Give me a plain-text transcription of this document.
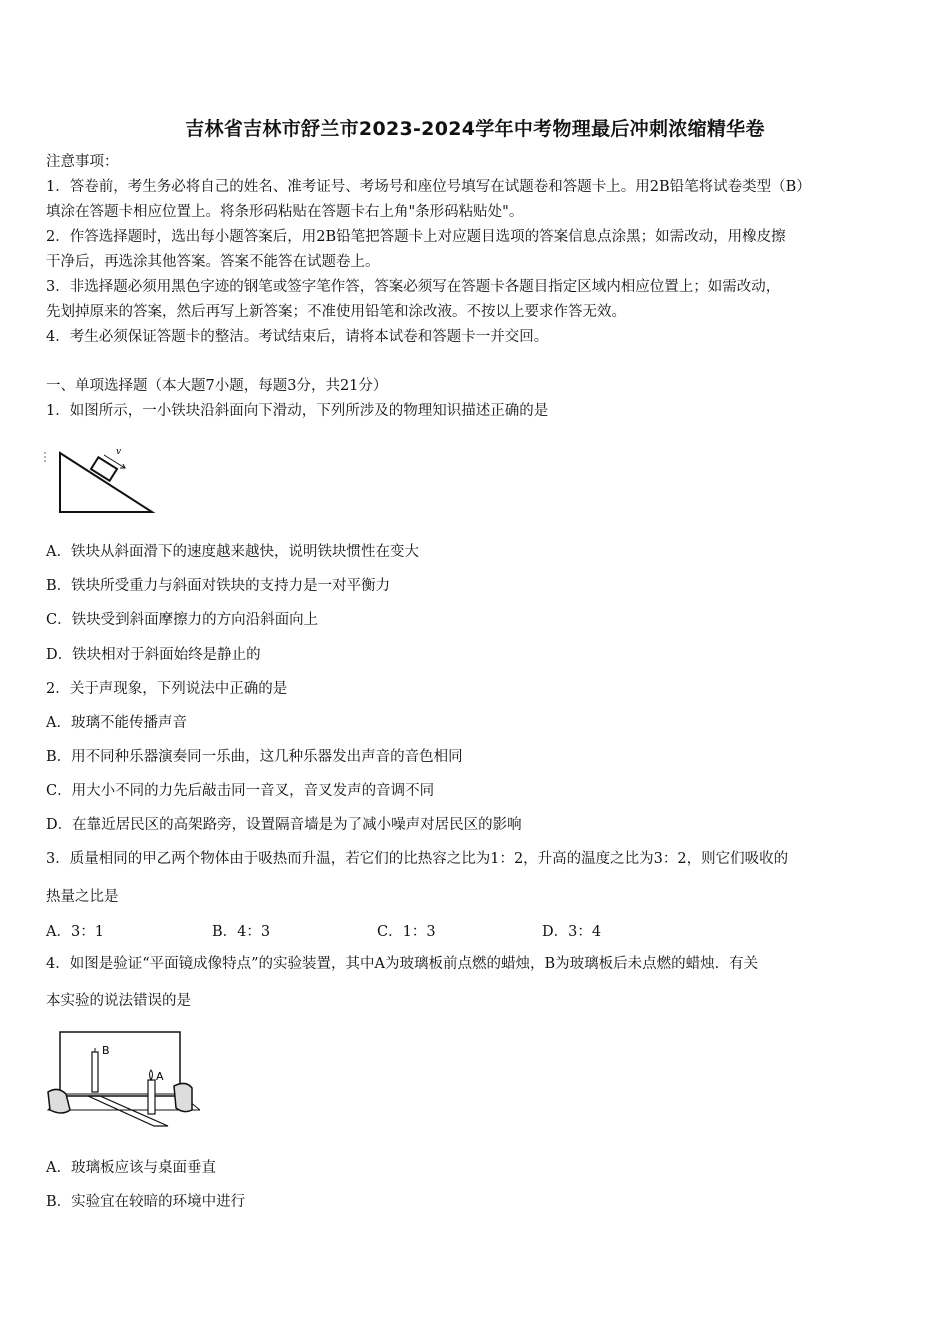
吉林省吉林市舒兰市2023-2024学年中考物理最后冲刺浓缩精华卷
注意事项：
1．答卷前，考生务必将自己的姓名、准考证号、考场号和座位号填写在试题卷和答题卡上。用2B铅笔将试卷类型（B）
填涂在答题卡相应位置上。将条形码粘贴在答题卡右上角"条形码粘贴处"。
2．作答选择题时，选出每小题答案后，用2B铅笔把答题卡上对应题目选项的答案信息点涂黑；如需改动，用橡皮擦
干净后，再选涂其他答案。答案不能答在试题卷上。
3．非选择题必须用黑色字迹的钢笔或签字笔作答，答案必须写在答题卡各题目指定区域内相应位置上；如需改动，
先划掉原来的答案，然后再写上新答案；不准使用铅笔和涂改液。不按以上要求作答无效。
4．考生必须保证答题卡的整洁。考试结束后，请将本试卷和答题卡一并交回。
一、单项选择题（本大题7小题，每题3分，共21分）
1．如图所示，一小铁块沿斜面向下滑动，下列所涉及的物理知识描述正确的是
v
A．铁块从斜面滑下的速度越来越快，说明铁块惯性在变大
B．铁块所受重力与斜面对铁块的支持力是一对平衡力
C．铁块受到斜面摩擦力的方向沿斜面向上
D．铁块相对于斜面始终是静止的
2．关于声现象，下列说法中正确的是
A．玻璃不能传播声音
B．用不同种乐器演奏同一乐曲，这几种乐器发出声音的音色相同
C．用大小不同的力先后敲击同一音叉，音叉发声的音调不同
D．在靠近居民区的高架路旁，设置隔音墙是为了减小噪声对居民区的影响
3．质量相同的甲乙两个物体由于吸热而升温，若它们的比热容之比为1：2，升高的温度之比为3：2，则它们吸收的
热量之比是
A．3：1	B．4：3	C．1：3	D．3：4
4．如图是验证“平面镜成像特点”的实验装置，其中A为玻璃板前点燃的蜡烛，B为玻璃板后未点燃的蜡烛．有关
本实验的说法错误的是
B
A
A．玻璃板应该与桌面垂直
B．实验宜在较暗的环境中进行
